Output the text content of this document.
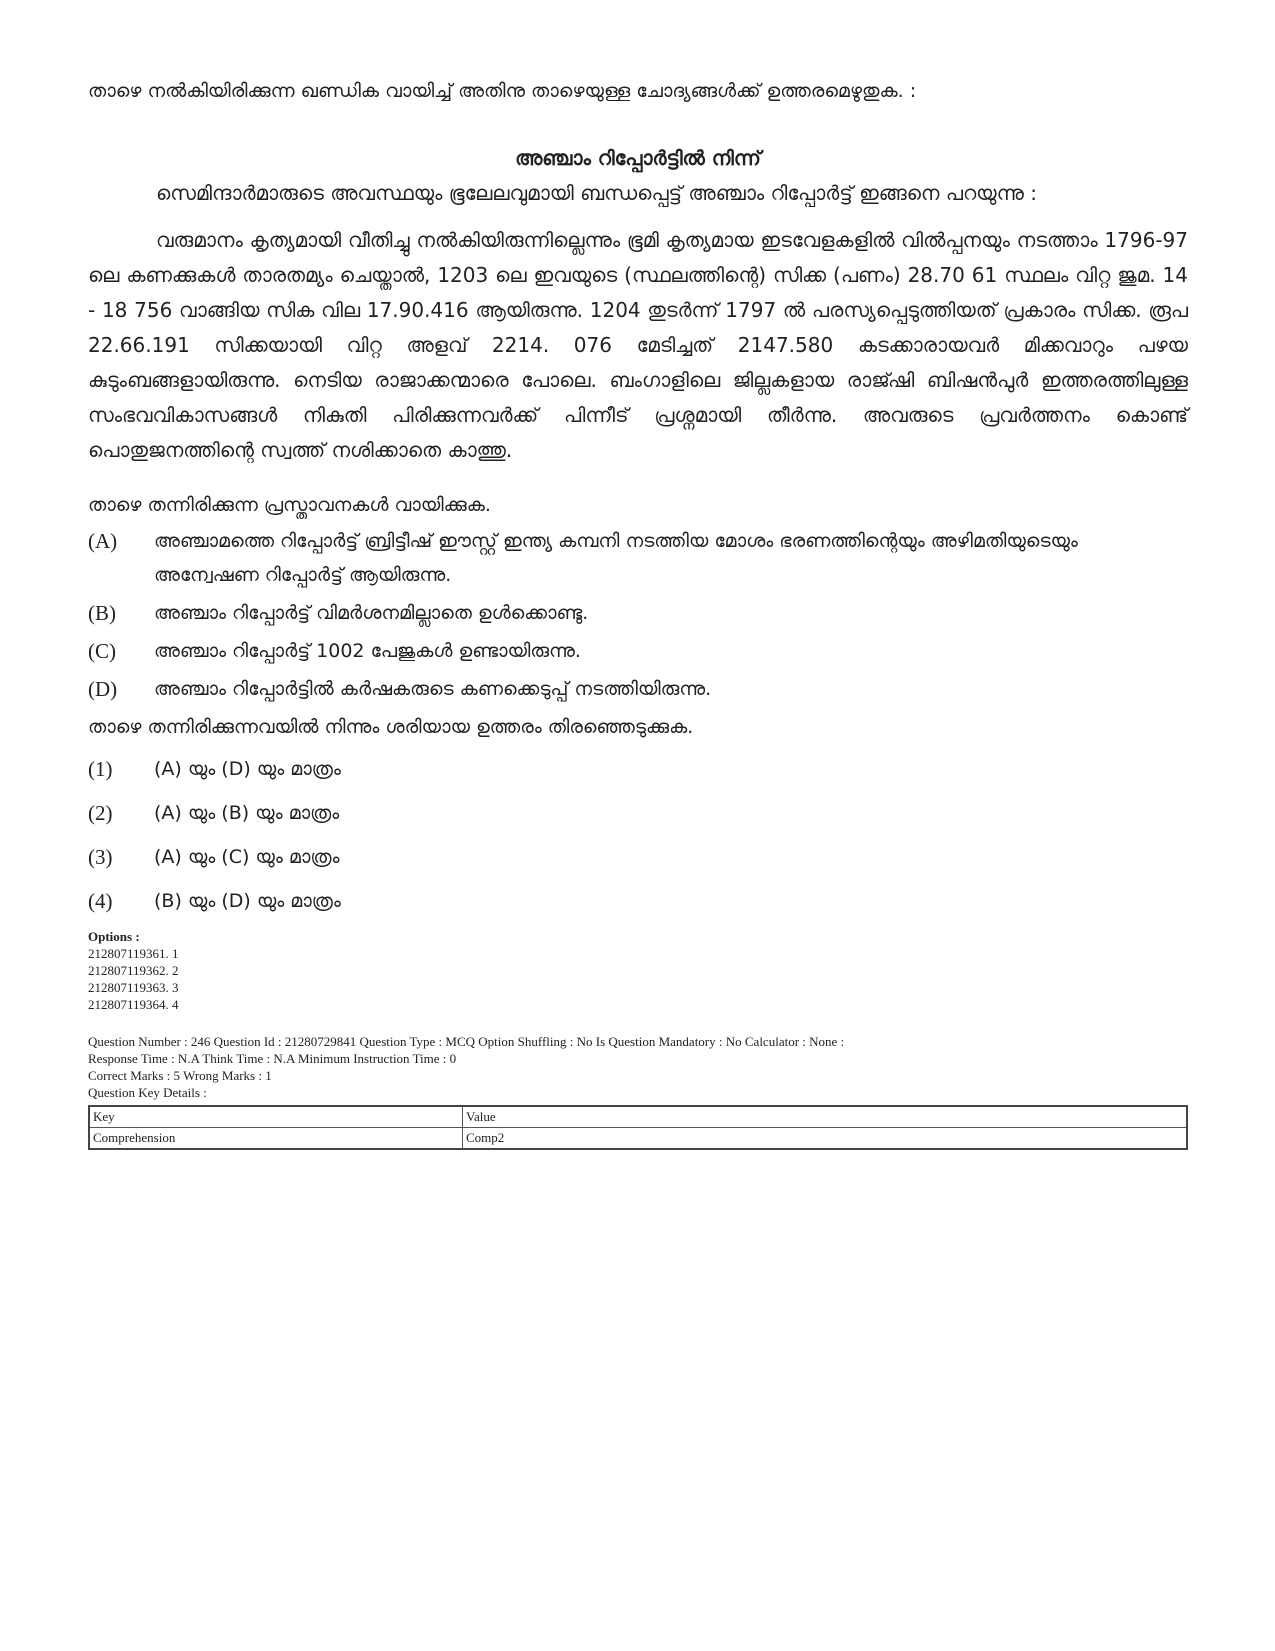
താഴെ നൽകിയിരിക്കുന്ന ഖണ്ഡിക വായിച്ച് അതിനു താഴെയുള്ള ചോദ്യങ്ങൾക്ക് ഉത്തരമെഴുതുക. :

അഞ്ചാം റിപ്പോർട്ടിൽ നിന്ന്

സെമിന്ദാർമാരുടെ അവസ്ഥയും ഭൂലേലവുമായി ബന്ധപ്പെട്ട് അഞ്ചാം റിപ്പോർട്ട് ഇങ്ങനെ പറയുന്നു :

വരുമാനം കൃത്യമായി വീതിച്ചു നൽകിയിരുന്നില്ലെന്നും ഭൂമി കൃത്യമായ ഇടവേളകളിൽ വിൽപ്പനയും നടത്താം 1796-97 ലെ കണക്കുകൾ താരതമ്യം ചെയ്താൽ, 1203 ലെ ഇവയുടെ (സ്ഥലത്തിന്റെ) സിക്ക (പണം) 28.70 61 സ്ഥലം വിറ്റ ജുമ. 14 - 18 756 വാങ്ങിയ സിക വില 17.90.416 ആയിരുന്നു. 1204 തുടർന്ന് 1797 ൽ പരസ്യപ്പെടുത്തിയത് പ്രകാരം സിക്ക. രൂപ 22.66.191 സിക്കയായി വിറ്റ അളവ് 2214. 076 മേടിച്ചത് 2147.580 കടക്കാരായവർ മിക്കവാറും പഴയ കുടുംബങ്ങളായിരുന്നു. നെടിയ രാജാക്കന്മാരെ പോലെ. ബംഗാളിലെ ജില്ലകളായ രാജ്ഷി ബിഷൻപുർ ഇത്തരത്തിലുള്ള സംഭവവികാസങ്ങൾ നികുതി പിരിക്കുന്നവർക്ക് പിന്നീട് പ്രശ്നമായി തീർന്നു. അവരുടെ പ്രവർത്തനം കൊണ്ട് പൊതുജനത്തിന്റെ സ്വത്ത് നശിക്കാതെ കാത്തു.

താഴെ തന്നിരിക്കുന്ന പ്രസ്താവനകൾ വായിക്കുക.

(A)	അഞ്ചാമത്തെ റിപ്പോർട്ട് ബ്രിട്ടീഷ് ഈസ്റ്റ് ഇന്ത്യ കമ്പനി നടത്തിയ മോശം ഭരണത്തിന്റെയും അഴിമതിയുടെയും അന്വേഷണ റിപ്പോർട്ട് ആയിരുന്നു.
(B)	അഞ്ചാം റിപ്പോർട്ട് വിമർശനമില്ലാതെ ഉൾക്കൊണ്ടു.
(C)	അഞ്ചാം റിപ്പോർട്ട് 1002 പേജുകൾ ഉണ്ടായിരുന്നു.
(D)	അഞ്ചാം റിപ്പോർട്ടിൽ കർഷകരുടെ കണക്കെടുപ്പ് നടത്തിയിരുന്നു.

താഴെ തന്നിരിക്കുന്നവയിൽ നിന്നും ശരിയായ ഉത്തരം തിരഞ്ഞെടുക്കുക.

(1)	(A) യും (D) യും മാത്രം
(2)	(A) യും (B) യും മാത്രം
(3)	(A) യും (C) യും മാത്രം
(4)	(B) യും (D) യും മാത്രം
Options :
212807119361. 1
212807119362. 2
212807119363. 3
212807119364. 4
Question Number : 246 Question Id : 21280729841 Question Type : MCQ Option Shuffling : No Is Question Mandatory : No Calculator : None :
Response Time : N.A Think Time : N.A Minimum Instruction Time : 0
Correct Marks : 5 Wrong Marks : 1
Question Key Details :
Key	Value
Comprehension	Comp2
